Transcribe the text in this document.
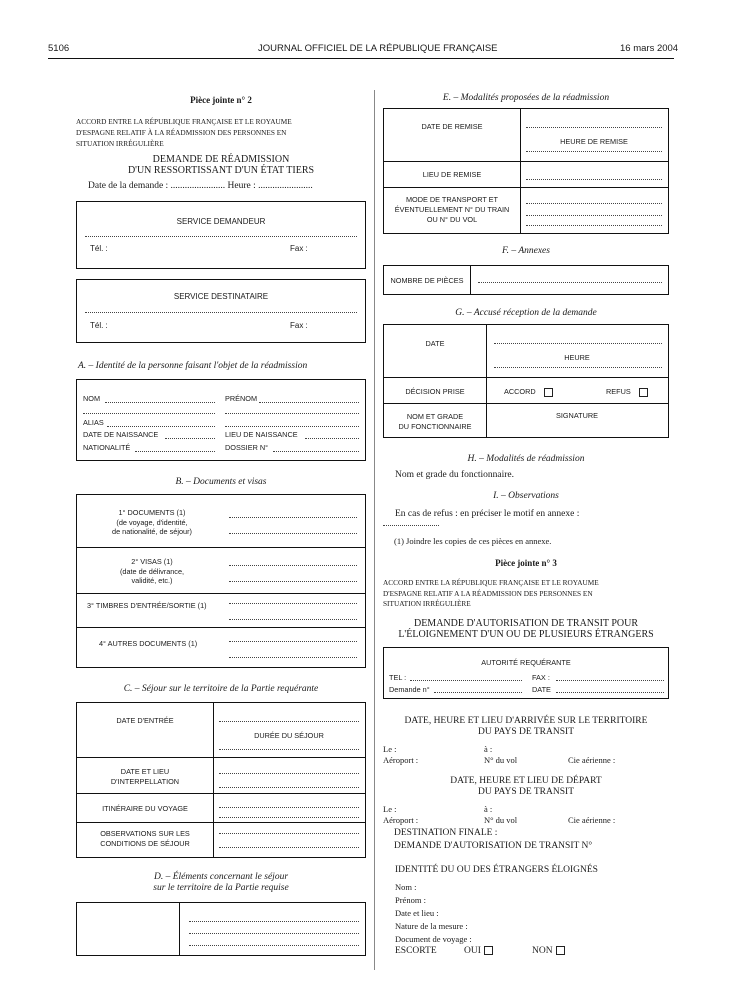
5106	JOURNAL OFFICIEL DE LA RÉPUBLIQUE FRANÇAISE	16 mars 2004
Pièce jointe n° 2
ACCORD ENTRE LA RÉPUBLIQUE FRANÇAISE ET LE ROYAUME
D'ESPAGNE RELATIF À LA RÉADMISSION DES PERSONNES EN
SITUATION IRRÉGULIÈRE
DEMANDE DE RÉADMISSION
D'UN RESSORTISSANT D'UN ÉTAT TIERS
Date de la demande : ....................... Heure : .......................
SERVICE DEMANDEUR
Tél. :	Fax :
SERVICE DESTINATAIRE
Tél. :	Fax :
A. – Identité de la personne faisant l'objet de la réadmission
NOM	PRÉNOM
ALIAS
DATE DE NAISSANCE	LIEU DE NAISSANCE
NATIONALITÉ	DOSSIER N°
B. – Documents et visas
1° DOCUMENTS (1)
(de voyage, d'identité,
de nationalité, de séjour)
2° VISAS (1)
(date de délivrance,
validité, etc.)
3° TIMBRES D'ENTRÉE/SORTIE (1)
4° AUTRES DOCUMENTS (1)
C. – Séjour sur le territoire de la Partie requérante
DATE D'ENTRÉE
DURÉE DU SÉJOUR
DATE ET LIEU
D'INTERPELLATION
ITINÉRAIRE DU VOYAGE
OBSERVATIONS SUR LES
CONDITIONS DE SÉJOUR
D. – Éléments concernant le séjour
sur le territoire de la Partie requise
E. – Modalités proposées de la réadmission
DATE DE REMISE
HEURE DE REMISE
LIEU DE REMISE
MODE DE TRANSPORT ET
ÉVENTUELLEMENT N° DU TRAIN
OU N° DU VOL
F. – Annexes
NOMBRE DE PIÈCES
G. – Accusé réception de la demande
DATE
HEURE
DÉCISION PRISE	ACCORD	REFUS
NOM ET GRADE
DU FONCTIONNAIRE
SIGNATURE
H. – Modalités de réadmission
Nom et grade du fonctionnaire.
I. – Observations
En cas de refus : en préciser le motif en annexe :
(1) Joindre les copies de ces pièces en annexe.
Pièce jointe n° 3
ACCORD ENTRE LA RÉPUBLIQUE FRANÇAISE ET LE ROYAUME
D'ESPAGNE RELATIF A LA RÉADMISSION DES PERSONNES EN
SITUATION IRRÉGULIÈRE
DEMANDE D'AUTORISATION DE TRANSIT POUR
L'ÉLOIGNEMENT D'UN OU DE PLUSIEURS ÉTRANGERS
AUTORITÉ REQUÉRANTE
TEL :	FAX :
Demande n°	DATE
DATE, HEURE ET LIEU D'ARRIVÉE SUR LE TERRITOIRE
DU PAYS DE TRANSIT
Le :	à :
Aéroport :	N° du vol	Cie aérienne :
DATE, HEURE ET LIEU DE DÉPART
DU PAYS DE TRANSIT
Le :	à :
Aéroport :	N° du vol	Cie aérienne :
DESTINATION FINALE :
DEMANDE D'AUTORISATION DE TRANSIT N°
IDENTITÉ DU OU DES ÉTRANGERS ÉLOIGNÉS
Nom :
Prénom :
Date et lieu :
Nature de la mesure :
Document de voyage :
ESCORTE	OUI	NON
